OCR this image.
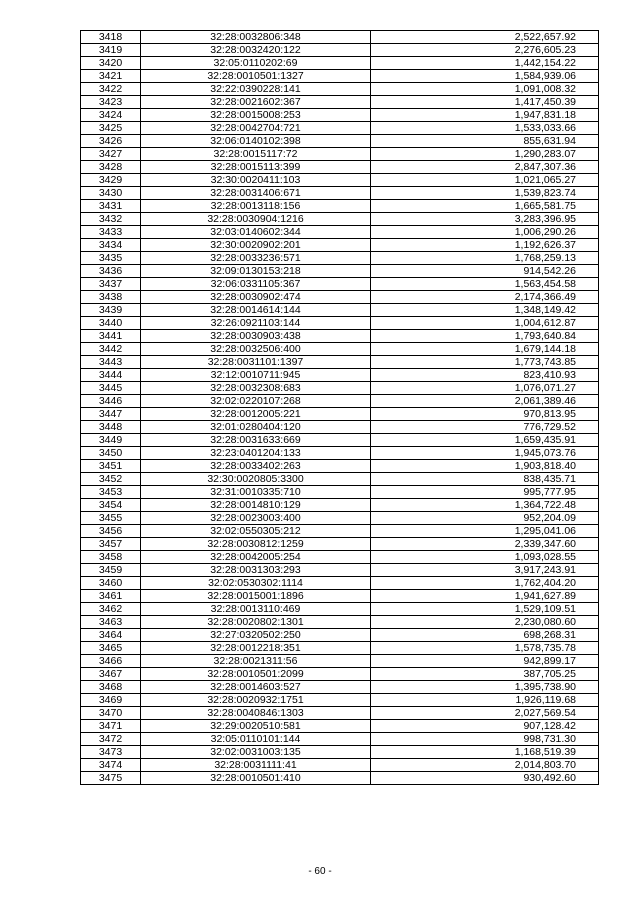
3418	32:28:0032806:348	2,522,657.92
3419	32:28:0032420:122	2,276,605.23
3420	32:05:0110202:69	1,442,154.22
3421	32:28:0010501:1327	1,584,939.06
3422	32:22:0390228:141	1,091,008.32
3423	32:28:0021602:367	1,417,450.39
3424	32:28:0015008:253	1,947,831.18
3425	32:28:0042704:721	1,533,033.66
3426	32:06:0140102:398	855,631.94
3427	32:28:0015117:72	1,290,283.07
3428	32:28:0015113:399	2,847,307.36
3429	32:30:0020411:103	1,021,065.27
3430	32:28:0031406:671	1,539,823.74
3431	32:28:0013118:156	1,665,581.75
3432	32:28:0030904:1216	3,283,396.95
3433	32:03:0140602:344	1,006,290.26
3434	32:30:0020902:201	1,192,626.37
3435	32:28:0033236:571	1,768,259.13
3436	32:09:0130153:218	914,542.26
3437	32:06:0331105:367	1,563,454.58
3438	32:28:0030902:474	2,174,366.49
3439	32:28:0014614:144	1,348,149.42
3440	32:26:0921103:144	1,004,612.87
3441	32:28:0030903:438	1,793,640.84
3442	32:28:0032506:400	1,679,144.18
3443	32:28:0031101:1397	1,773,743.85
3444	32:12:0010711:945	823,410.93
3445	32:28:0032308:683	1,076,071.27
3446	32:02:0220107:268	2,061,389.46
3447	32:28:0012005:221	970,813.95
3448	32:01:0280404:120	776,729.52
3449	32:28:0031633:669	1,659,435.91
3450	32:23:0401204:133	1,945,073.76
3451	32:28:0033402:263	1,903,818.40
3452	32:30:0020805:3300	838,435.71
3453	32:31:0010335:710	995,777.95
3454	32:28:0014810:129	1,364,722.48
3455	32:28:0023003:400	952,204.09
3456	32:02:0550305:212	1,295,041.06
3457	32:28:0030812:1259	2,339,347.60
3458	32:28:0042005:254	1,093,028.55
3459	32:28:0031303:293	3,917,243.91
3460	32:02:0530302:1114	1,762,404.20
3461	32:28:0015001:1896	1,941,627.89
3462	32:28:0013110:469	1,529,109.51
3463	32:28:0020802:1301	2,230,080.60
3464	32:27:0320502:250	698,268.31
3465	32:28:0012218:351	1,578,735.78
3466	32:28:0021311:56	942,899.17
3467	32:28:0010501:2099	387,705.25
3468	32:28:0014603:527	1,395,738.90
3469	32:28:0020932:1751	1,926,119.68
3470	32:28:0040846:1303	2,027,569.54
3471	32:29:0020510:581	907,128.42
3472	32:05:0110101:144	998,731.30
3473	32:02:0031003:135	1,168,519.39
3474	32:28:0031111:41	2,014,803.70
3475	32:28:0010501:410	930,492.60
- 60 -
